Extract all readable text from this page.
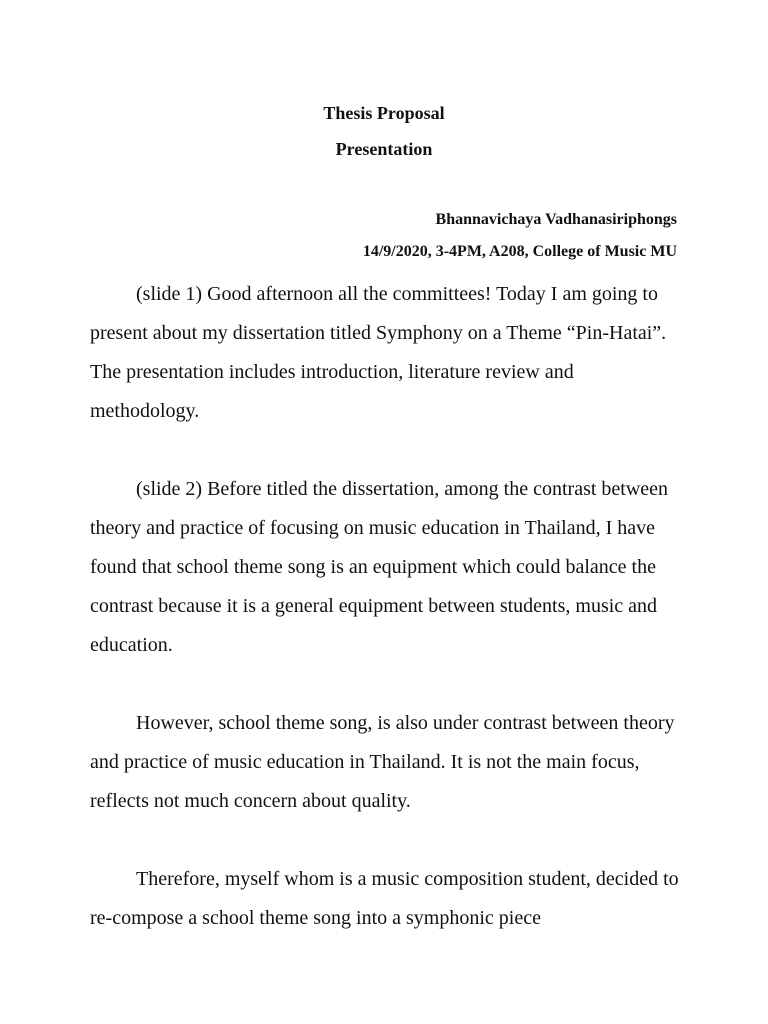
Thesis Proposal
Presentation
Bhannavichaya Vadhanasiriphongs
14/9/2020, 3-4PM, A208, College of Music MU

(slide 1) Good afternoon all the committees! Today I am going to present about my dissertation titled Symphony on a Theme “Pin-Hatai”. The presentation includes introduction, literature review and methodology.

(slide 2) Before titled the dissertation, among the contrast between theory and practice of focusing on music education in Thailand, I have found that school theme song is an equipment which could balance the contrast because it is a general equipment between students, music and education.

However, school theme song, is also under contrast between theory and practice of music education in Thailand. It is not the main focus, reflects not much concern about quality.

Therefore, myself whom is a music composition student, decided to re-compose a school theme song into a symphonic piece
